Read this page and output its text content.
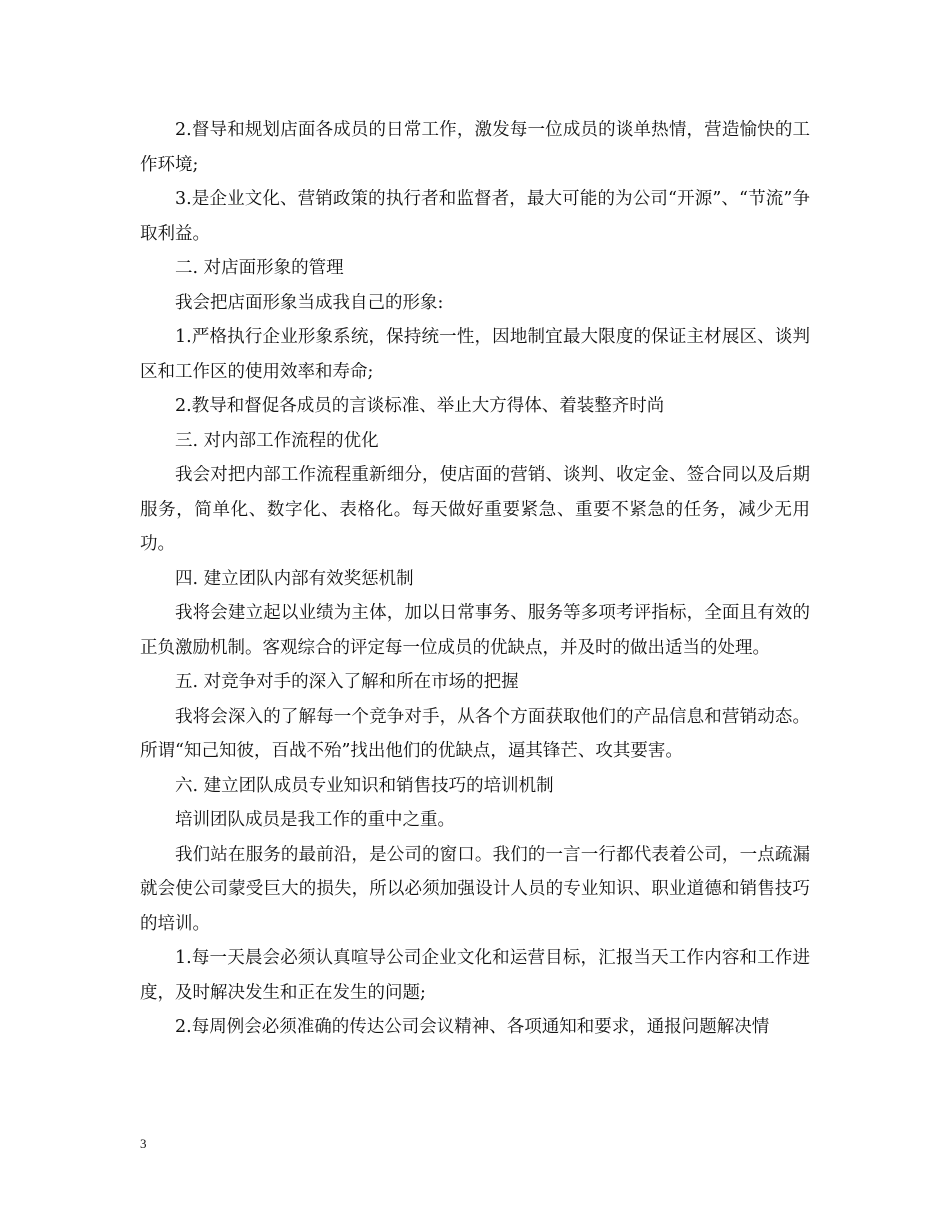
2.督导和规划店面各成员的日常工作，激发每一位成员的谈单热情，营造愉快的工作环境;

3.是企业文化、营销政策的执行者和监督者，最大可能的为公司“开源”、“节流”争取利益。

二. 对店面形象的管理

我会把店面形象当成我自己的形象:

1.严格执行企业形象系统，保持统一性，因地制宜最大限度的保证主材展区、谈判区和工作区的使用效率和寿命;

2.教导和督促各成员的言谈标准、举止大方得体、着装整齐时尚

三. 对内部工作流程的优化

我会对把内部工作流程重新细分，使店面的营销、谈判、收定金、签合同以及后期服务，简单化、数字化、表格化。每天做好重要紧急、重要不紧急的任务，减少无用功。

四. 建立团队内部有效奖惩机制

我将会建立起以业绩为主体，加以日常事务、服务等多项考评指标，全面且有效的正负激励机制。客观综合的评定每一位成员的优缺点，并及时的做出适当的处理。

五. 对竞争对手的深入了解和所在市场的把握

我将会深入的了解每一个竞争对手，从各个方面获取他们的产品信息和营销动态。所谓“知己知彼，百战不殆”找出他们的优缺点，逼其锋芒、攻其要害。

六. 建立团队成员专业知识和销售技巧的培训机制

培训团队成员是我工作的重中之重。

我们站在服务的最前沿，是公司的窗口。我们的一言一行都代表着公司，一点疏漏就会使公司蒙受巨大的损失，所以必须加强设计人员的专业知识、职业道德和销售技巧的培训。

1.每一天晨会必须认真喧导公司企业文化和运营目标，汇报当天工作内容和工作进度，及时解决发生和正在发生的问题;

2.每周例会必须准确的传达公司会议精神、各项通知和要求，通报问题解决情

3
